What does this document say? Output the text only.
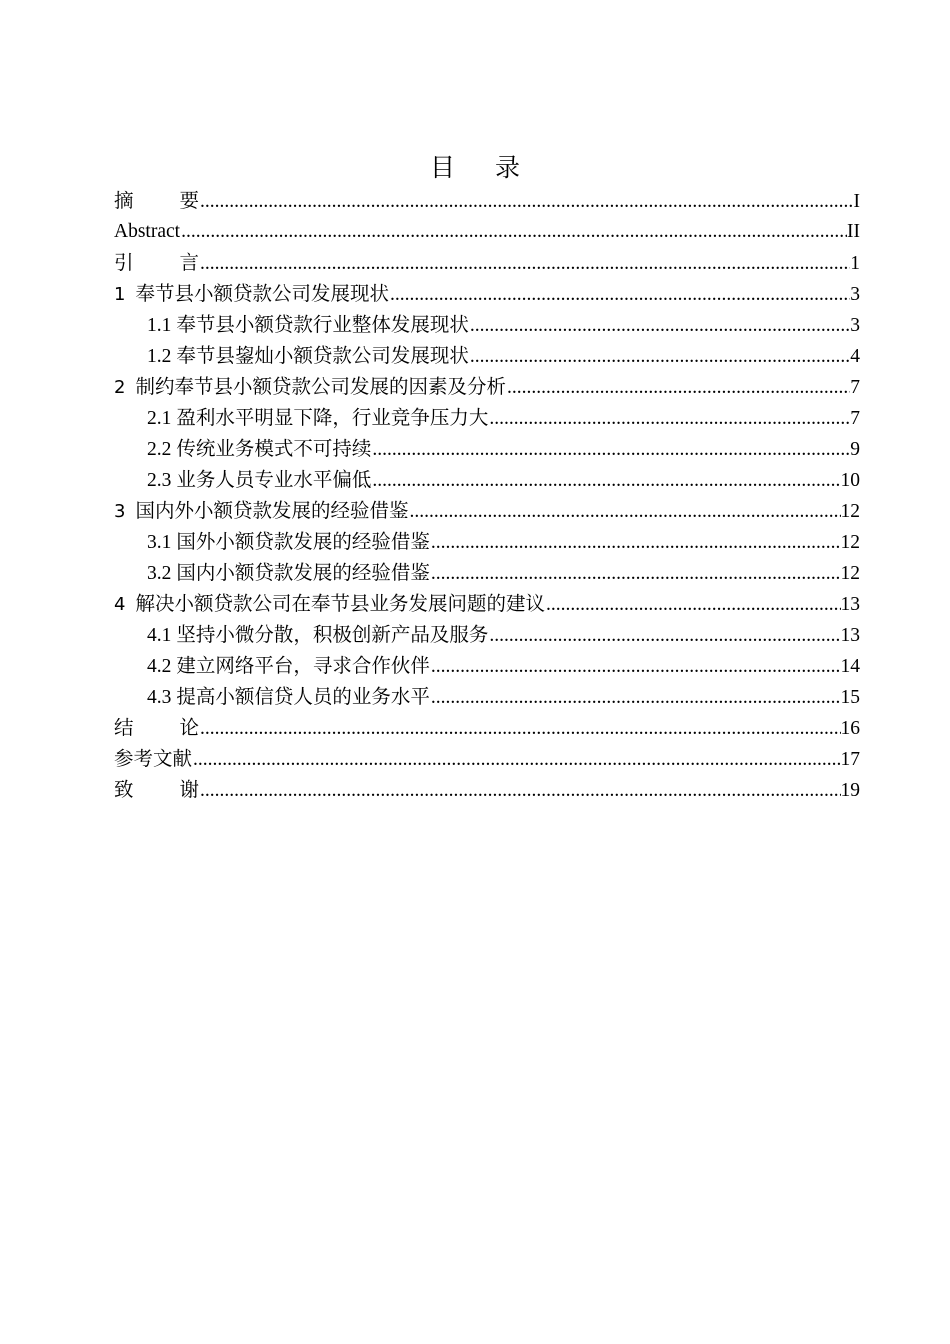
目 录
摘要 .....	I
Abstract .....	II
引言 .....	1
1 奉节县小额贷款公司发展现状 .....	3
1.1 奉节县小额贷款行业整体发展现状 .....	3
1.2 奉节县鋆灿小额贷款公司发展现状 .....	4
2 制约奉节县小额贷款公司发展的因素及分析 .....	7
2.1 盈利水平明显下降，行业竞争压力大 .....	7
2.2 传统业务模式不可持续 .....	9
2.3 业务人员专业水平偏低 .....	10
3 国内外小额贷款发展的经验借鉴 .....	12
3.1 国外小额贷款发展的经验借鉴 .....	12
3.2 国内小额贷款发展的经验借鉴 .....	12
4 解决小额贷款公司在奉节县业务发展问题的建议 .....	13
4.1 坚持小微分散，积极创新产品及服务 .....	13
4.2 建立网络平台，寻求合作伙伴 .....	14
4.3 提高小额信贷人员的业务水平 .....	15
结论 .....	16
参考文献 .....	17
致谢 .....	19
